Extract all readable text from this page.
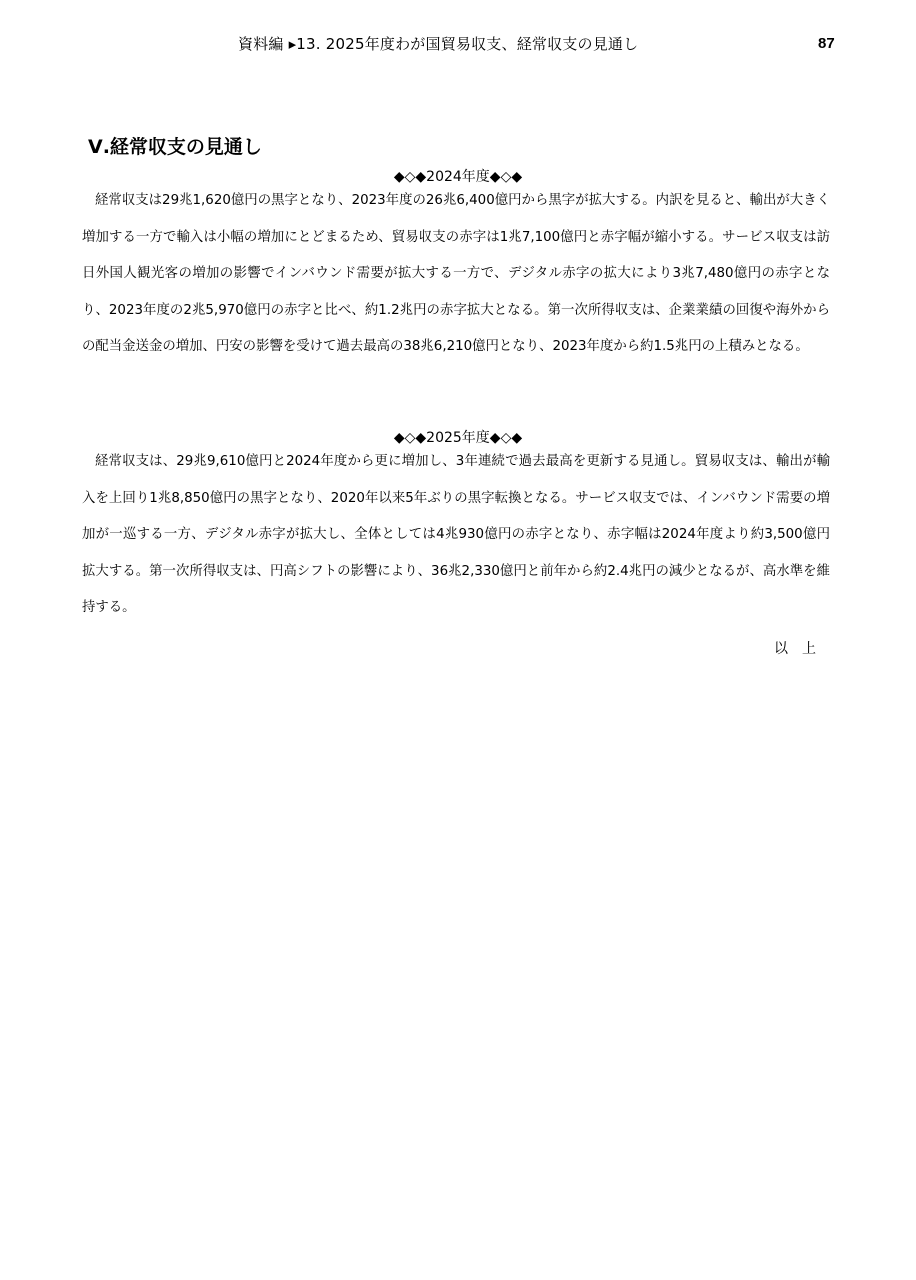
資料編 ▸13. 2025年度わが国貿易収支、経常収支の見通し	87
Ⅴ.経常収支の見通し
◆◇◆2024年度◆◇◆

経常収支は29兆1,620億円の黒字となり、2023年度の26兆6,400億円から黒字が拡大する。内訳を見ると、輸出が大きく増加する一方で輸入は小幅の増加にとどまるため、貿易収支の赤字は1兆7,100億円と赤字幅が縮小する。サービス収支は訪日外国人観光客の増加の影響でインバウンド需要が拡大する一方で、デジタル赤字の拡大により3兆7,480億円の赤字となり、2023年度の2兆5,970億円の赤字と比べ、約1.2兆円の赤字拡大となる。第一次所得収支は、企業業績の回復や海外からの配当金送金の増加、円安の影響を受けて過去最高の38兆6,210億円となり、2023年度から約1.5兆円の上積みとなる。

◆◇◆2025年度◆◇◆

経常収支は、29兆9,610億円と2024年度から更に増加し、3年連続で過去最高を更新する見通し。貿易収支は、輸出が輸入を上回り1兆8,850億円の黒字となり、2020年以来5年ぶりの黒字転換となる。サービス収支では、インバウンド需要の増加が一巡する一方、デジタル赤字が拡大し、全体としては4兆930億円の赤字となり、赤字幅は2024年度より約3,500億円拡大する。第一次所得収支は、円高シフトの影響により、36兆2,330億円と前年から約2.4兆円の減少となるが、高水準を維持する。

以上
